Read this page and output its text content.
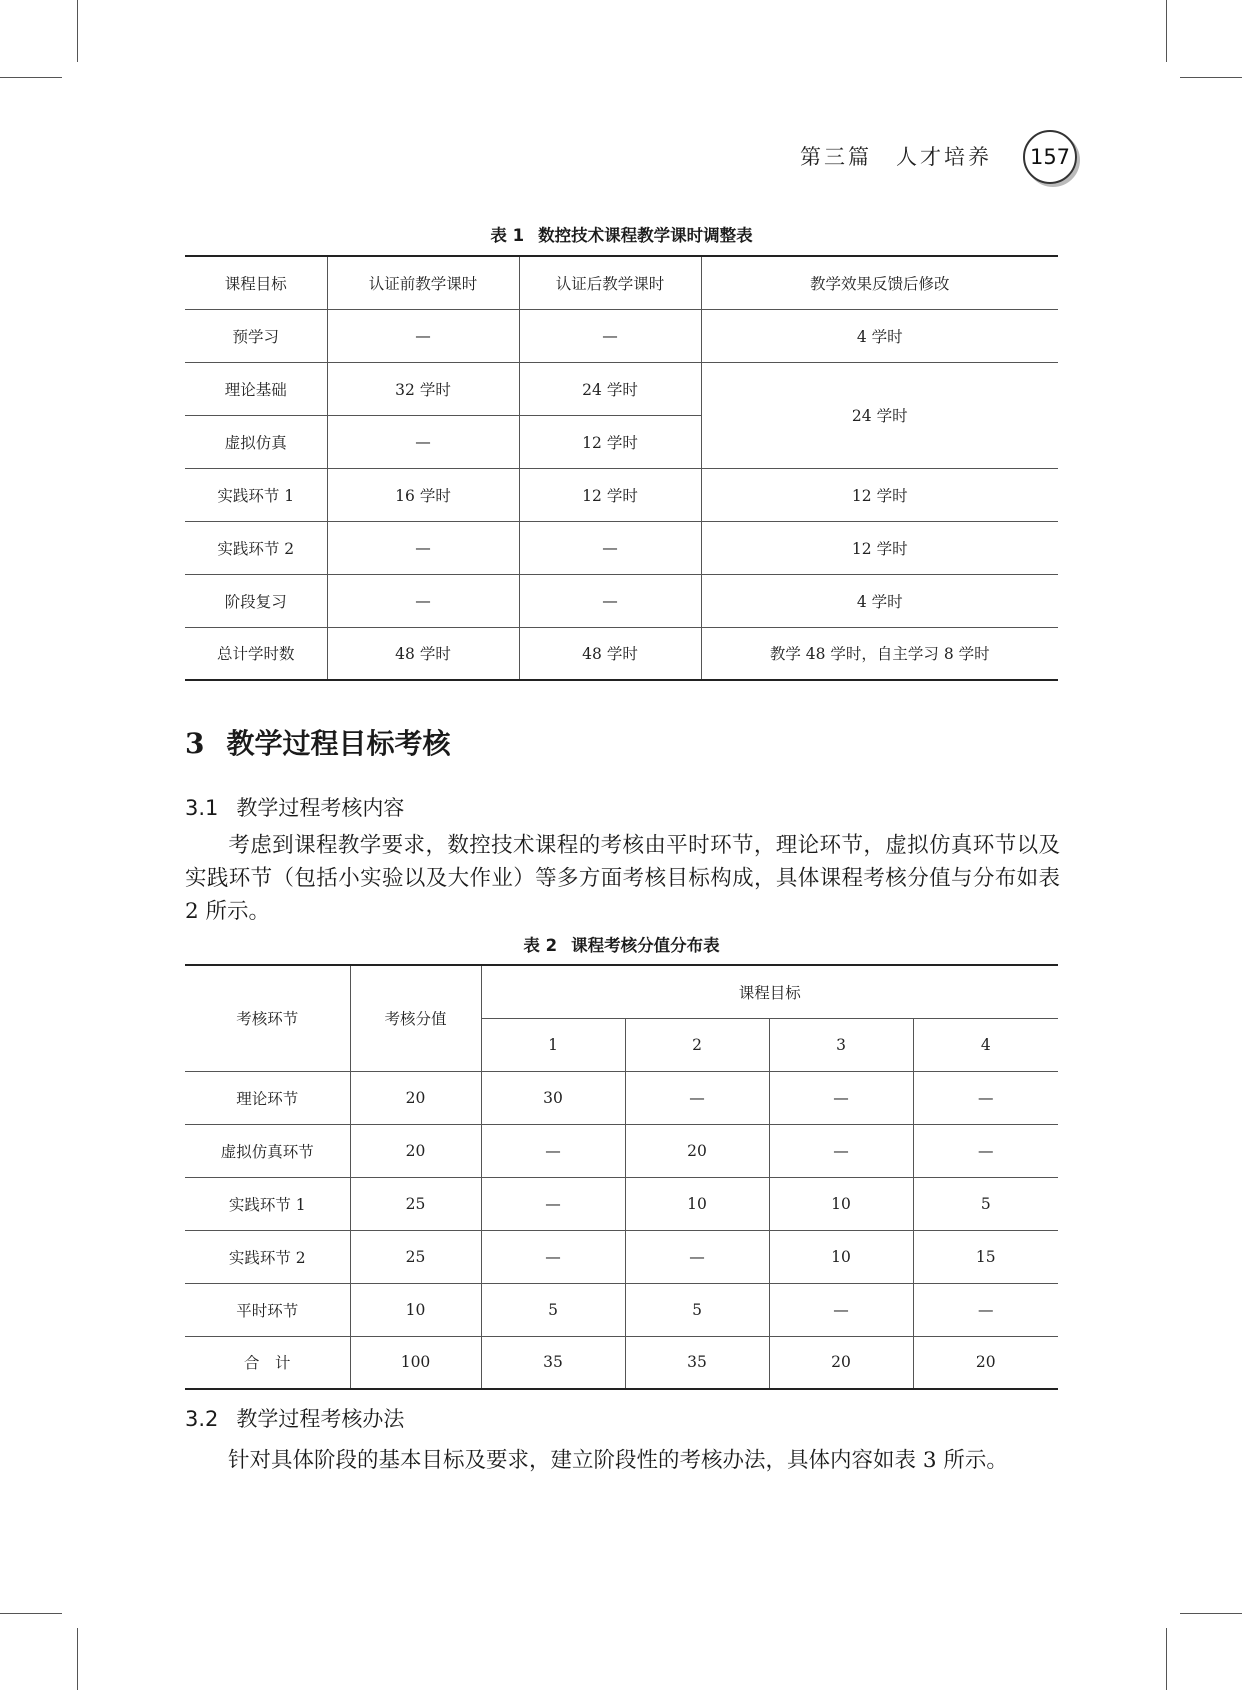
第三篇　人才培养	157
表 1 数控技术课程教学课时调整表
课程目标	认证前教学课时	认证后教学课时	教学效果反馈后修改
预学习	—	—	4 学时
理论基础	32 学时	24 学时	24 学时
虚拟仿真	—	12 学时	
实践环节 1	16 学时	12 学时	12 学时
实践环节 2	—	—	12 学时
阶段复习	—	—	4 学时
总计学时数	48 学时	48 学时	教学 48 学时，自主学习 8 学时
3 教学过程目标考核
3.1 教学过程考核内容
考虑到课程教学要求，数控技术课程的考核由平时环节，理论环节，虚拟仿真环节以及实践环节（包括小实验以及大作业）等多方面考核目标构成，具体课程考核分值与分布如表 2 所示。
表 2 课程考核分值分布表
考核环节	考核分值	课程目标			
		1	2	3	4
理论环节	20	30	—	—	—
虚拟仿真环节	20	—	20	—	—
实践环节 1	25	—	10	10	5
实践环节 2	25	—	—	10	15
平时环节	10	5	5	—	—
合　计	100	35	35	20	20
3.2 教学过程考核办法
针对具体阶段的基本目标及要求，建立阶段性的考核办法，具体内容如表 3 所示。
